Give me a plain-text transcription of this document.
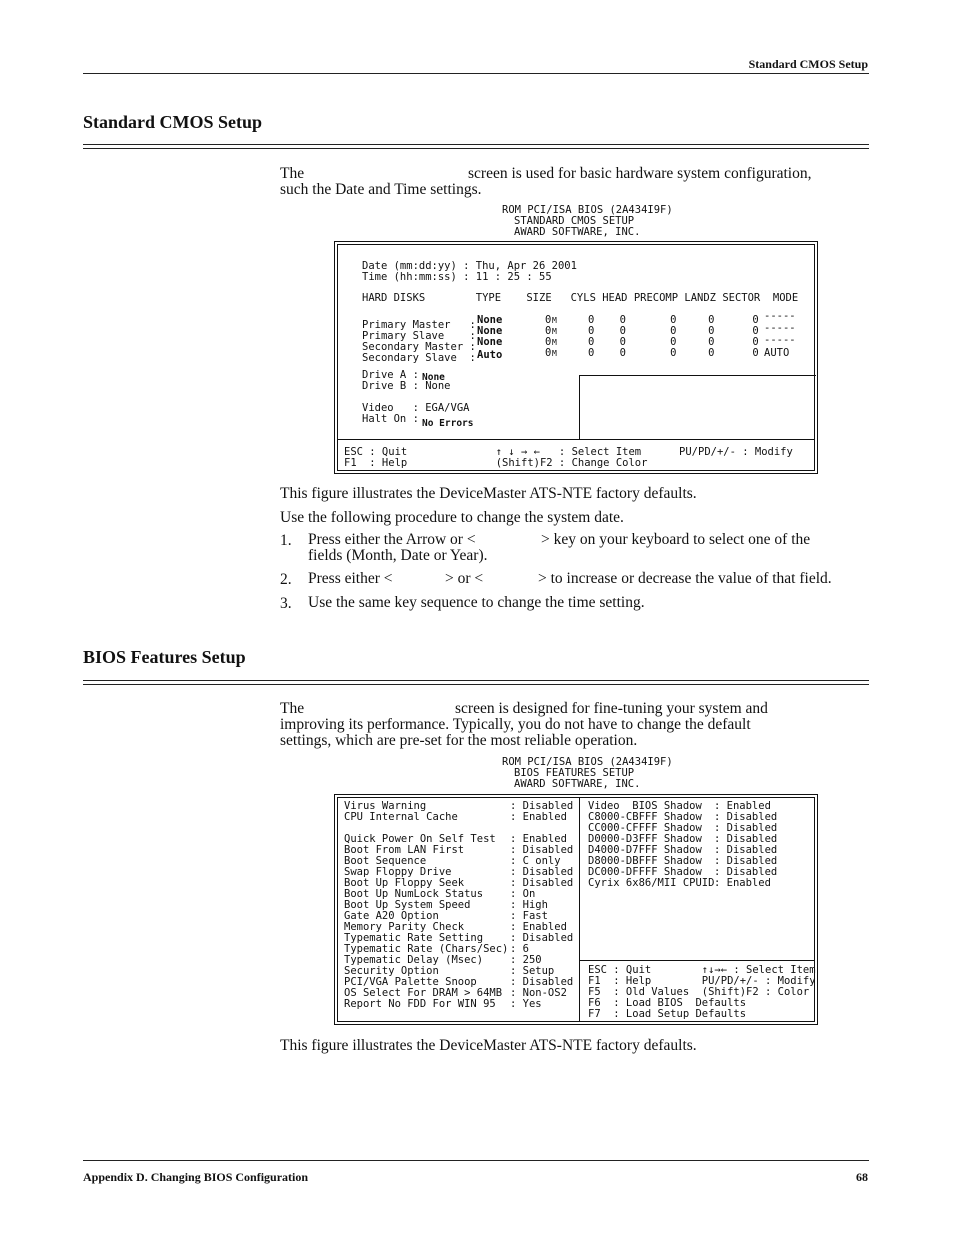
Standard CMOS Setup
Standard CMOS Setup
The	screen is used for basic hardware system configuration,
such the Date and Time settings.
ROM PCI/ISA BIOS (2A434I9F)
STANDARD CMOS SETUP
AWARD SOFTWARE, INC.
Date (mm:dd:yy) : Thu, Apr 26 2001
Time (hh:mm:ss) : 11 : 25 : 55
HARD DISKS        TYPE    SIZE   CYLS HEAD PRECOMP LANDZ SECTOR  MODE
Primary Master   : None	0 M	0    0       0     0      0 -----
Primary Slave    : None	0 M	0    0       0     0      0 -----
Secondary Master : None	0 M	0    0       0     0      0 -----
Secondary Slave  : Auto	0 M	0    0       0     0      0 AUTO
Drive A : None
Drive B : None
Video   : EGA/VGA
Halt On : No Errors
ESC : Quit              ↑ ↓ → ←   : Select Item      PU/PD/+/- : Modify
F1  : Help              (Shift)F2 : Change Color
This figure illustrates the DeviceMaster ATS-NTE factory defaults.
Use the following procedure to change the system date.
1. Press either the Arrow or <	> key on your keyboard to select one of the
fields (Month, Date or Year).
2. Press either <	> or <	> to increase or decrease the value of that field.
3. Use the same key sequence to change the time setting.
BIOS Features Setup
The	screen is designed for fine-tuning your system and
improving its performance. Typically, you do not have to change the default
settings, which are pre-set for the most reliable operation.
ROM PCI/ISA BIOS (2A434I9F)
BIOS FEATURES SETUP
AWARD SOFTWARE, INC.
Virus Warning	: Disabled
CPU Internal Cache	: Enabled
Quick Power On Self Test : Enabled
Boot From LAN First	: Disabled
Boot Sequence	: C only
Swap Floppy Drive	: Disabled
Boot Up Floppy Seek	: Disabled
Boot Up NumLock Status	: On
Boot Up System Speed	: High
Gate A20 Option	: Fast
Memory Parity Check	: Enabled
Typematic Rate Setting	: Disabled
Typematic Rate (Chars/Sec) : 6
Typematic Delay (Msec)	: 250
Security Option	: Setup
PCI/VGA Palette Snoop	: Disabled
OS Select For DRAM > 64MB : Non-OS2
Report No FDD For WIN 95 : Yes
Video  BIOS Shadow : Enabled
C8000-CBFFF Shadow : Disabled
CC000-CFFFF Shadow : Disabled
D0000-D3FFF Shadow : Disabled
D4000-D7FFF Shadow : Disabled
D8000-DBFFF Shadow : Disabled
DC000-DFFFF Shadow : Disabled
Cyrix 6x86/MII CPUID : Enabled
ESC : Quit        ↑↓→← : Select Item
F1  : Help        PU/PD/+/- : Modify
F5  : Old Values  (Shift)F2 : Color
F6  : Load BIOS  Defaults
F7  : Load Setup Defaults
This figure illustrates the DeviceMaster ATS-NTE factory defaults.
Appendix D. Changing BIOS Configuration	68
